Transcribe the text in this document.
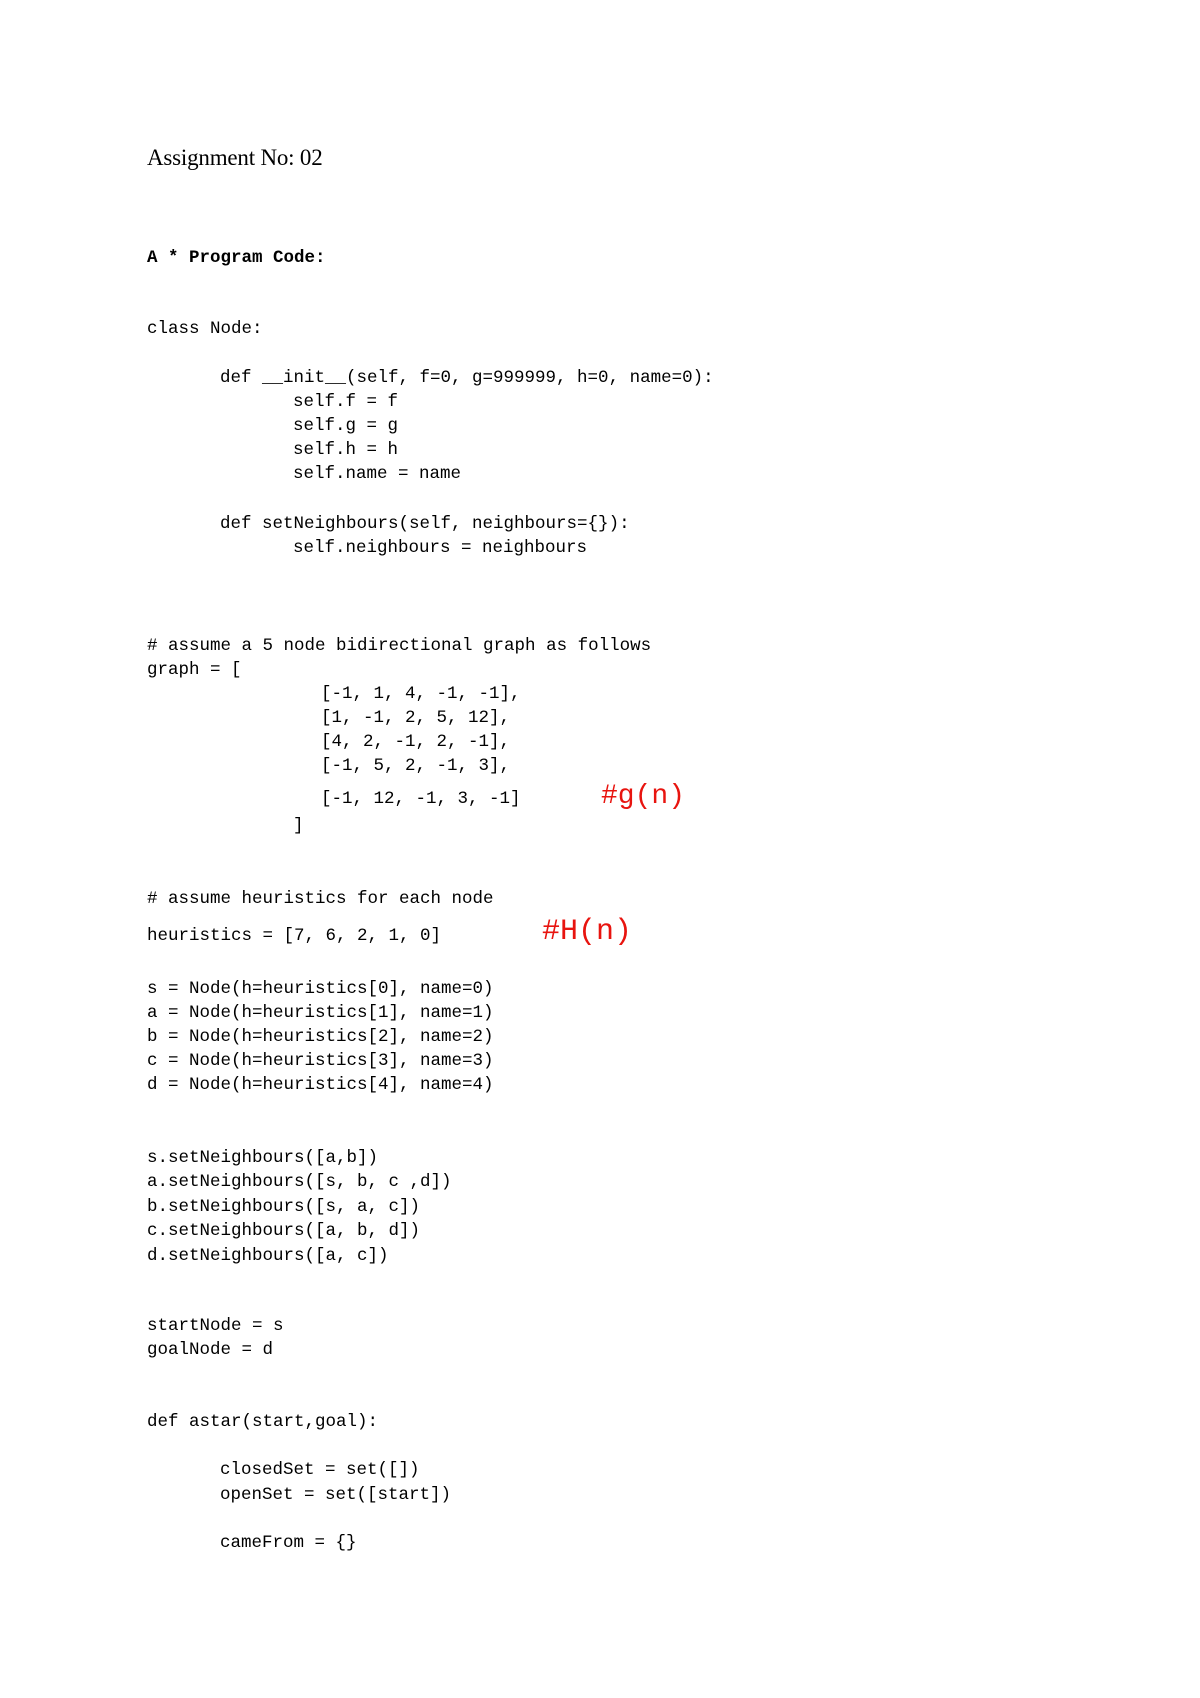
Assignment No: 02
A * Program Code:
class Node:
def __init__(self, f=0, g=999999, h=0, name=0):
self.f = f
self.g = g
self.h = h
self.name = name
def setNeighbours(self, neighbours={}):
self.neighbours = neighbours
# assume a 5 node bidirectional graph as follows
graph = [
[-1, 1, 4, -1, -1],
[1, -1, 2, 5, 12],
[4, 2, -1, 2, -1],
[-1, 5, 2, -1, 3],
[-1, 12, -1, 3, -1]	#g(n)
]
# assume heuristics for each node
heuristics = [7, 6, 2, 1, 0]	#H(n)
s = Node(h=heuristics[0], name=0)
a = Node(h=heuristics[1], name=1)
b = Node(h=heuristics[2], name=2)
c = Node(h=heuristics[3], name=3)
d = Node(h=heuristics[4], name=4)
s.setNeighbours([a,b])
a.setNeighbours([s, b, c ,d])
b.setNeighbours([s, a, c])
c.setNeighbours([a, b, d])
d.setNeighbours([a, c])
startNode = s
goalNode = d
def astar(start,goal):
closedSet = set([])
openSet = set([start])
cameFrom = {}
